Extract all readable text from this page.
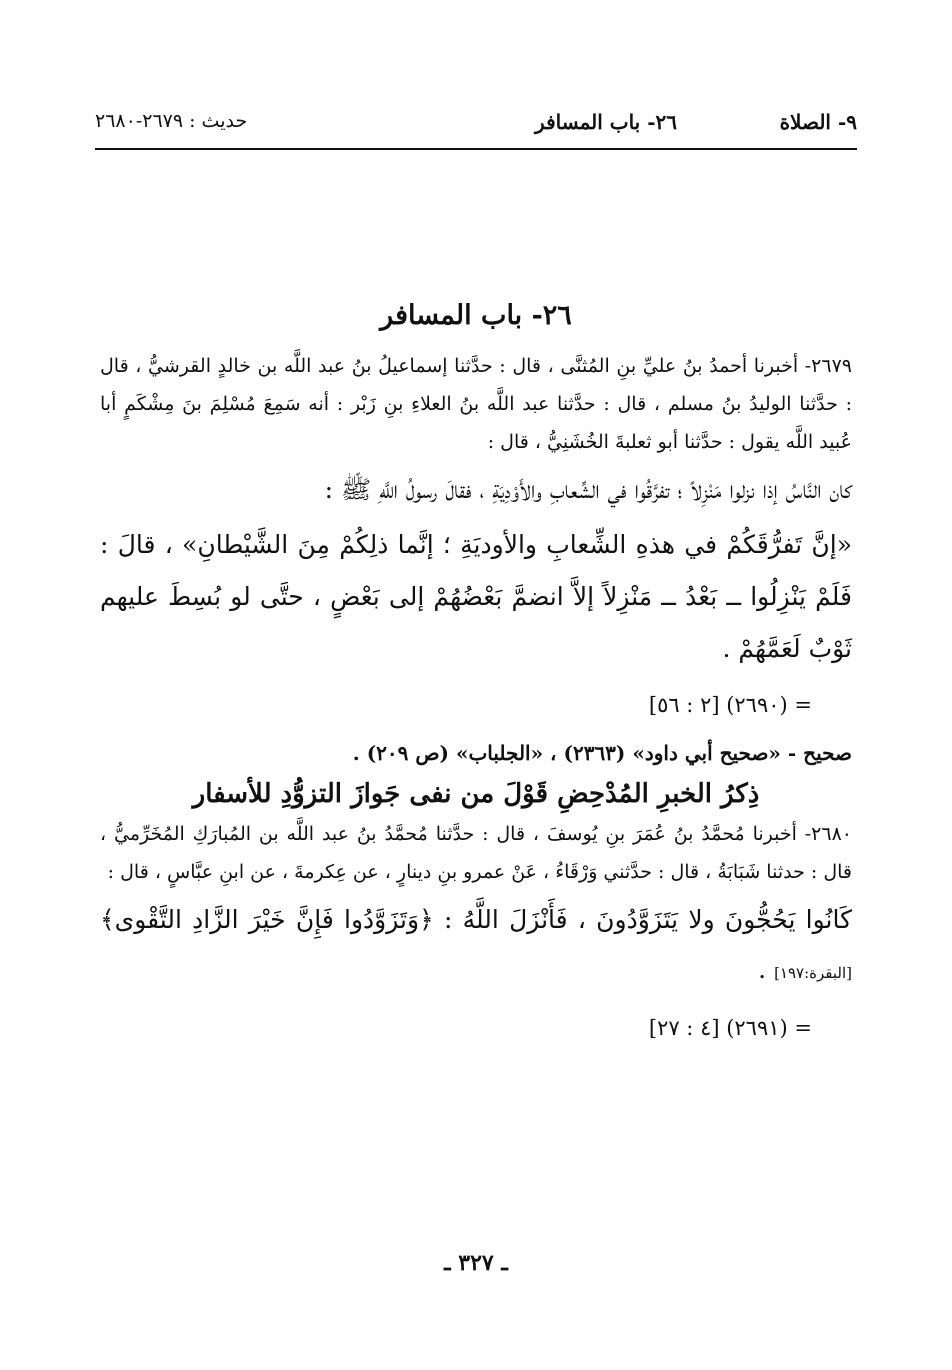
٩- الصلاة
٢٦- باب المسافر
حديث : ٢٦٧٩-٢٦٨٠
٢٦- باب المسافر

٢٦٧٩- أخبرنا أحمدُ بنُ عليِّ بنِ المُثنَّى ، قال : حدَّثنا إسماعيلُ بنُ عبد اللَّه بن خالدٍ القرشيُّ ، قال : حدَّثنا الوليدُ بنُ مسلم ، قال : حدَّثنا عبد اللَّه بنُ العلاءِ بنِ زَبْر : أنه سَمِعَ مُسْلِمَ بنَ مِشْكَمٍ أبا عُبيد اللَّه يقول : حدَّثنا أبو ثعلبةَ الخُشَنِيُّ ، قال :

كان النَّاسُ إذا نزلوا مَنْزِلاً ؛ تفرَّقُوا في الشِّعابِ والأَوْدِيَةِ ، فقالَ رسولُ اللَّهِ ﷺ :

«إنَّ تَفرُّقَكُمْ في هذهِ الشِّعابِ والأوديَةِ ؛ إنَّما ذلِكُمْ مِنَ الشَّيْطانِ» ، قالَ : فَلَمْ يَنْزِلُوا ــ بَعْدُ ــ مَنْزِلاً إلاَّ انضمَّ بَعْضُهُمْ إلى بَعْضٍ ، حتَّى لو بُسِطَ عليهم ثَوْبٌ لَعَمَّهُمْ .

= (٢٦٩٠) [٢ : ٥٦]
صحيح - «صحيح أبي داود» (٢٣٦٣) ، «الجلباب» (ص ٢٠٩) .
ذِكرُ الخبرِ المُدْحِضِ قَوْلَ من نفى جَوازَ التزوُّدِ للأسفار

٢٦٨٠- أخبرنا مُحمَّدُ بنُ عُمَرَ بنِ يُوسفَ ، قال : حدَّثنا مُحمَّدُ بنُ عبد اللَّه بن المُبارَكِ المُخَرِّميُّ ، قال : حدثنا شَبَابَةُ ، قال : حدَّثني وَرْقَاءُ ، عَنْ عمرو بنِ دينارٍ ، عن عِكرمةَ ، عن ابنِ عبَّاسٍ ، قال :

كَانُوا يَحُجُّونَ ولا يَتَزَوَّدُونَ ، فَأَنْزَلَ اللَّهُ : ﴿وَتَزَوَّدُوا فَإِنَّ خَيْرَ الزَّادِ التَّقْوى﴾ [البقرة:١٩٧] .

= (٢٦٩١) [٤ : ٢٧]
ـ ٣٢٧ ـ
